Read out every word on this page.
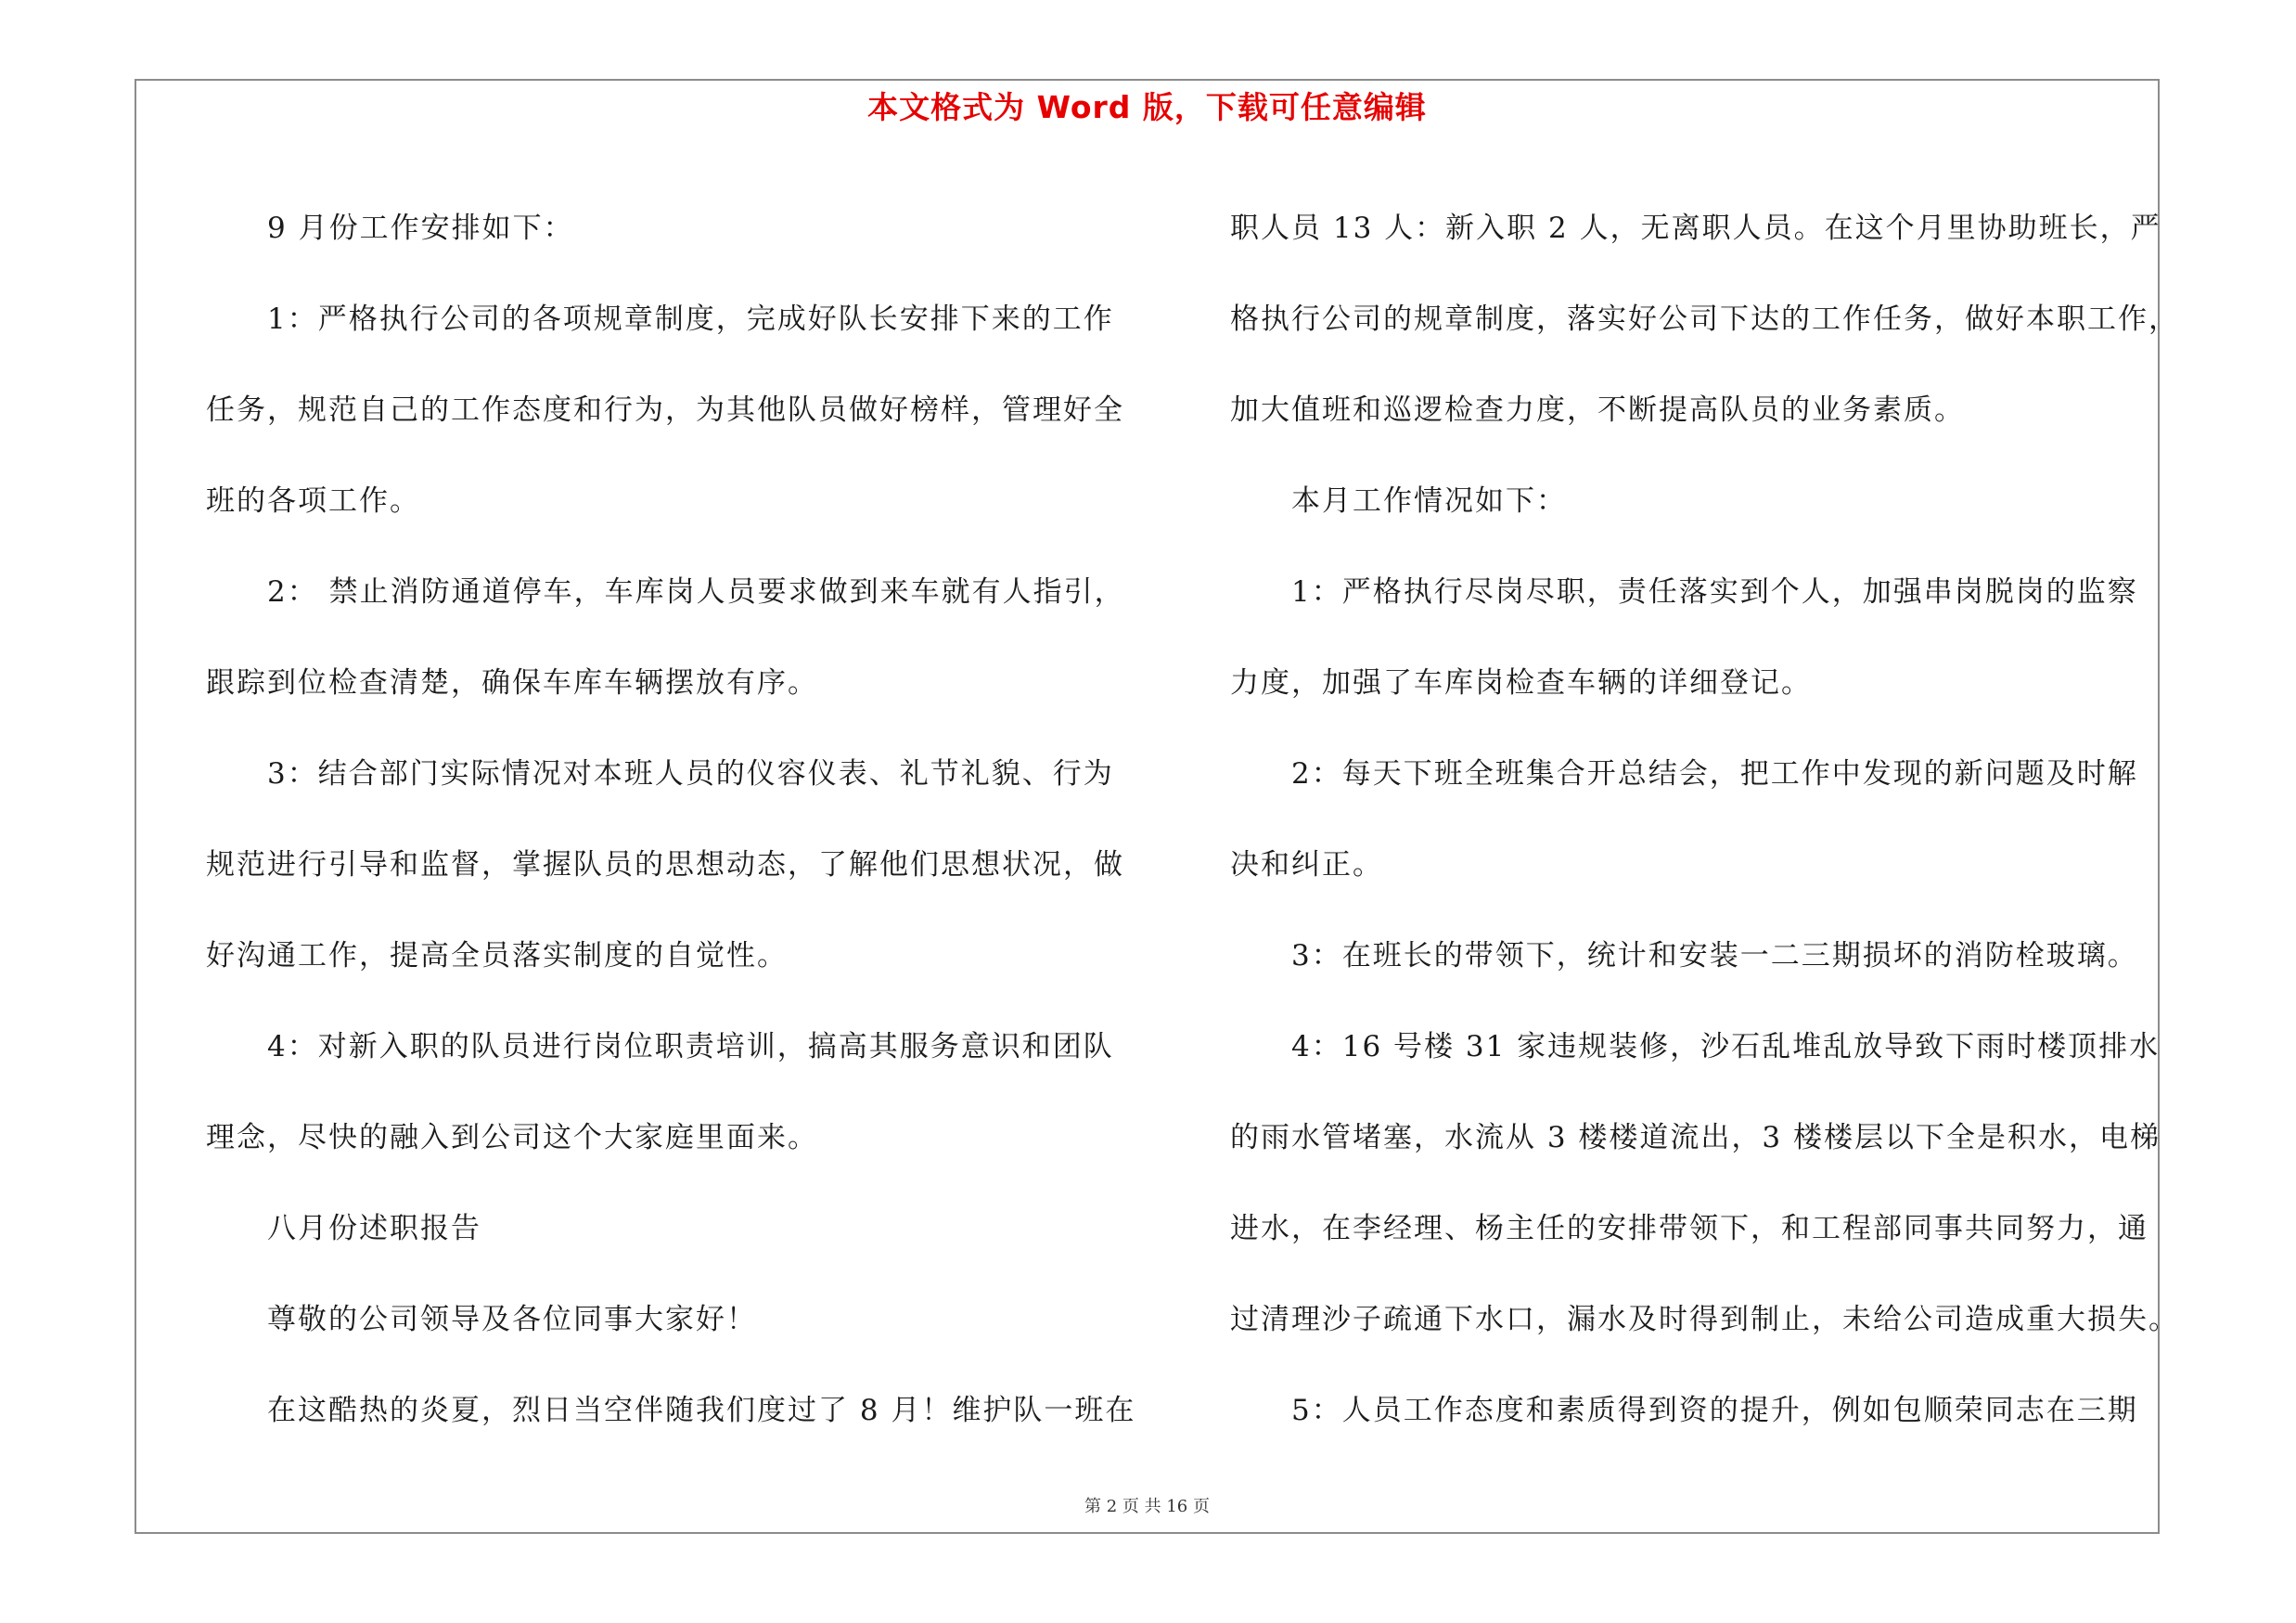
本文格式为 Word 版，下载可任意编辑

9 月份工作安排如下：

1：严格执行公司的各项规章制度，完成好队长安排下来的工作

任务，规范自己的工作态度和行为，为其他队员做好榜样，管理好全

班的各项工作。

2： 禁止消防通道停车，车库岗人员要求做到来车就有人指引，

跟踪到位检查清楚，确保车库车辆摆放有序。

3：结合部门实际情况对本班人员的仪容仪表、礼节礼貌、行为

规范进行引导和监督，掌握队员的思想动态，了解他们思想状况，做

好沟通工作，提高全员落实制度的自觉性。

4：对新入职的队员进行岗位职责培训，搞高其服务意识和团队

理念，尽快的融入到公司这个大家庭里面来。

八月份述职报告

尊敬的公司领导及各位同事大家好！

在这酷热的炎夏，烈日当空伴随我们度过了 8 月！维护队一班在

职人员 13 人：新入职 2 人，无离职人员。在这个月里协助班长，严

格执行公司的规章制度，落实好公司下达的工作任务，做好本职工作，

加大值班和巡逻检查力度，不断提高队员的业务素质。

本月工作情况如下：

1：严格执行尽岗尽职，责任落实到个人，加强串岗脱岗的监察

力度，加强了车库岗检查车辆的详细登记。

2：每天下班全班集合开总结会，把工作中发现的新问题及时解

决和纠正。

3：在班长的带领下，统计和安装一二三期损坏的消防栓玻璃。

4：16 号楼 31 家违规装修，沙石乱堆乱放导致下雨时楼顶排水

的雨水管堵塞，水流从 3 楼楼道流出，3 楼楼层以下全是积水，电梯

进水，在李经理、杨主任的安排带领下，和工程部同事共同努力，通

过清理沙子疏通下水口，漏水及时得到制止，未给公司造成重大损失。

5：人员工作态度和素质得到资的提升，例如包顺荣同志在三期

第 2 页 共 16 页
